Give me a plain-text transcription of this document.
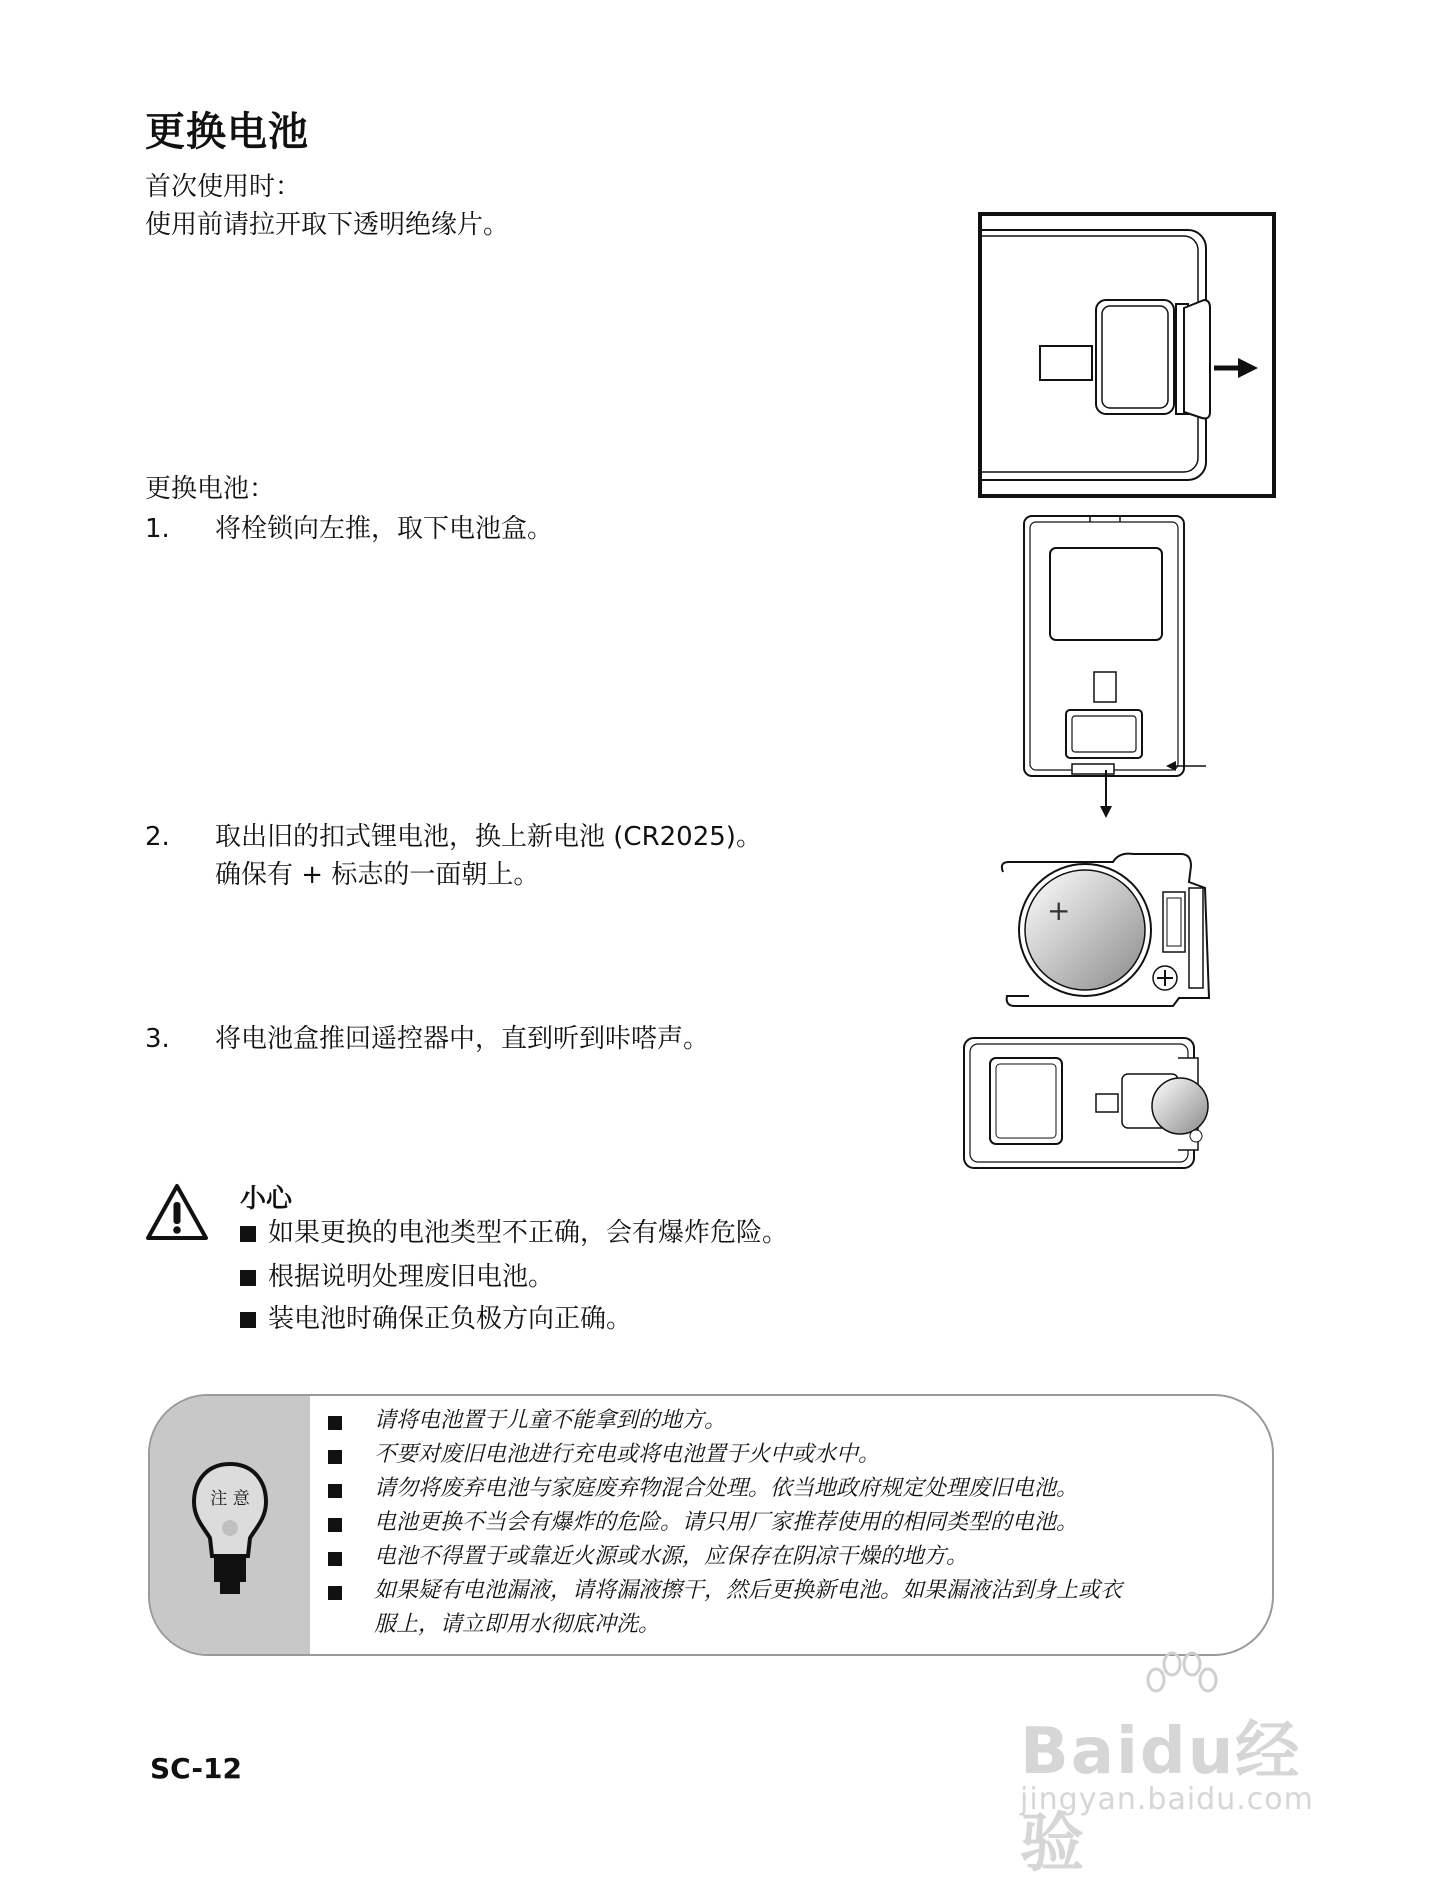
更换电池
首次使用时：
使用前请拉开取下透明绝缘片。
更换电池：
1. 将栓锁向左推，取下电池盒。
2. 取出旧的扣式锂电池，换上新电池 (CR2025)。
确保有 + 标志的一面朝上。
3. 将电池盒推回遥控器中，直到听到咔嗒声。
+
小心
如果更换的电池类型不正确，会有爆炸危险。
根据说明处理废旧电池。
装电池时确保正负极方向正确。
注 意
请将电池置于儿童不能拿到的地方。
不要对废旧电池进行充电或将电池置于火中或水中。
请勿将废弃电池与家庭废弃物混合处理。依当地政府规定处理废旧电池。
电池更换不当会有爆炸的危险。请只用厂家推荐使用的相同类型的电池。
电池不得置于或靠近火源或水源，应保存在阴凉干燥的地方。
如果疑有电池漏液，请将漏液擦干，然后更换新电池。如果漏液沾到身上或衣
服上，请立即用水彻底冲洗。
SC-12	Baidu经验
jingyan.baidu.com
